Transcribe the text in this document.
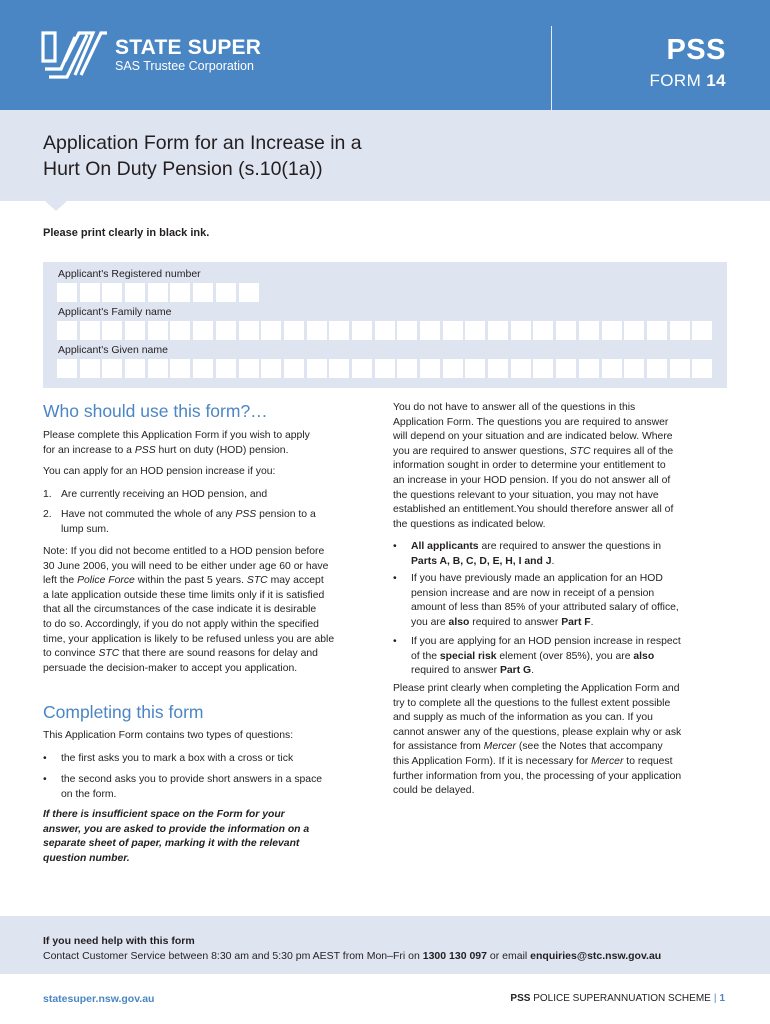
STATE SUPER
SAS Trustee Corporation	PSS
FORM 14
Application Form for an Increase in a
Hurt On Duty Pension (s.10(1a))
Please print clearly in black ink.
Applicant's Registered number
Applicant's Family name
Applicant's Given name
Who should use this form?…
Please complete this Application Form if you wish to apply
for an increase to a PSS hurt on duty (HOD) pension.
You can apply for an HOD pension increase if you:
1. Are currently receiving an HOD pension, and
2. Have not commuted the whole of any PSS pension to a
lump sum.
Note: If you did not become entitled to a HOD pension before
30 June 2006, you will need to be either under age 60 or have
left the Police Force within the past 5 years. STC may accept
a late application outside these time limits only if it is satisfied
that all the circumstances of the case indicate it is desirable
to do so. Accordingly, if you do not apply within the specified
time, your application is likely to be refused unless you are able
to convince STC that there are sound reasons for delay and
persuade the decision-maker to accept you application.
Completing this form
This Application Form contains two types of questions:
• the first asks you to mark a box with a cross or tick
• the second asks you to provide short answers in a space
on the form.
If there is insufficient space on the Form for your
answer, you are asked to provide the information on a
separate sheet of paper, marking it with the relevant
question number.
You do not have to answer all of the questions in this
Application Form. The questions you are required to answer
will depend on your situation and are indicated below. Where
you are required to answer questions, STC requires all of the
information sought in order to determine your entitlement to
an increase in your HOD pension. If you do not answer all of
the questions relevant to your situation, you may not have
established an entitlement.You should therefore answer all of
the questions as indicated below.
• All applicants are required to answer the questions in
Parts A, B, C, D, E, H, I and J.
• If you have previously made an application for an HOD
pension increase and are now in receipt of a pension
amount of less than 85% of your attributed salary of office,
you are also required to answer Part F.
• If you are applying for an HOD pension increase in respect
of the special risk element (over 85%), you are also
required to answer Part G.
Please print clearly when completing the Application Form and
try to complete all the questions to the fullest extent possible
and supply as much of the information as you can. If you
cannot answer any of the questions, please explain why or ask
for assistance from Mercer (see the Notes that accompany
this Application Form). If it is necessary for Mercer to request
further information from you, the processing of your application
could be delayed.
If you need help with this form
Contact Customer Service between 8:30 am and 5:30 pm AEST from Mon–Fri on 1300 130 097 or email enquiries@stc.nsw.gov.au
statesuper.nsw.gov.au	PSS POLICE SUPERANNUATION SCHEME | 1
